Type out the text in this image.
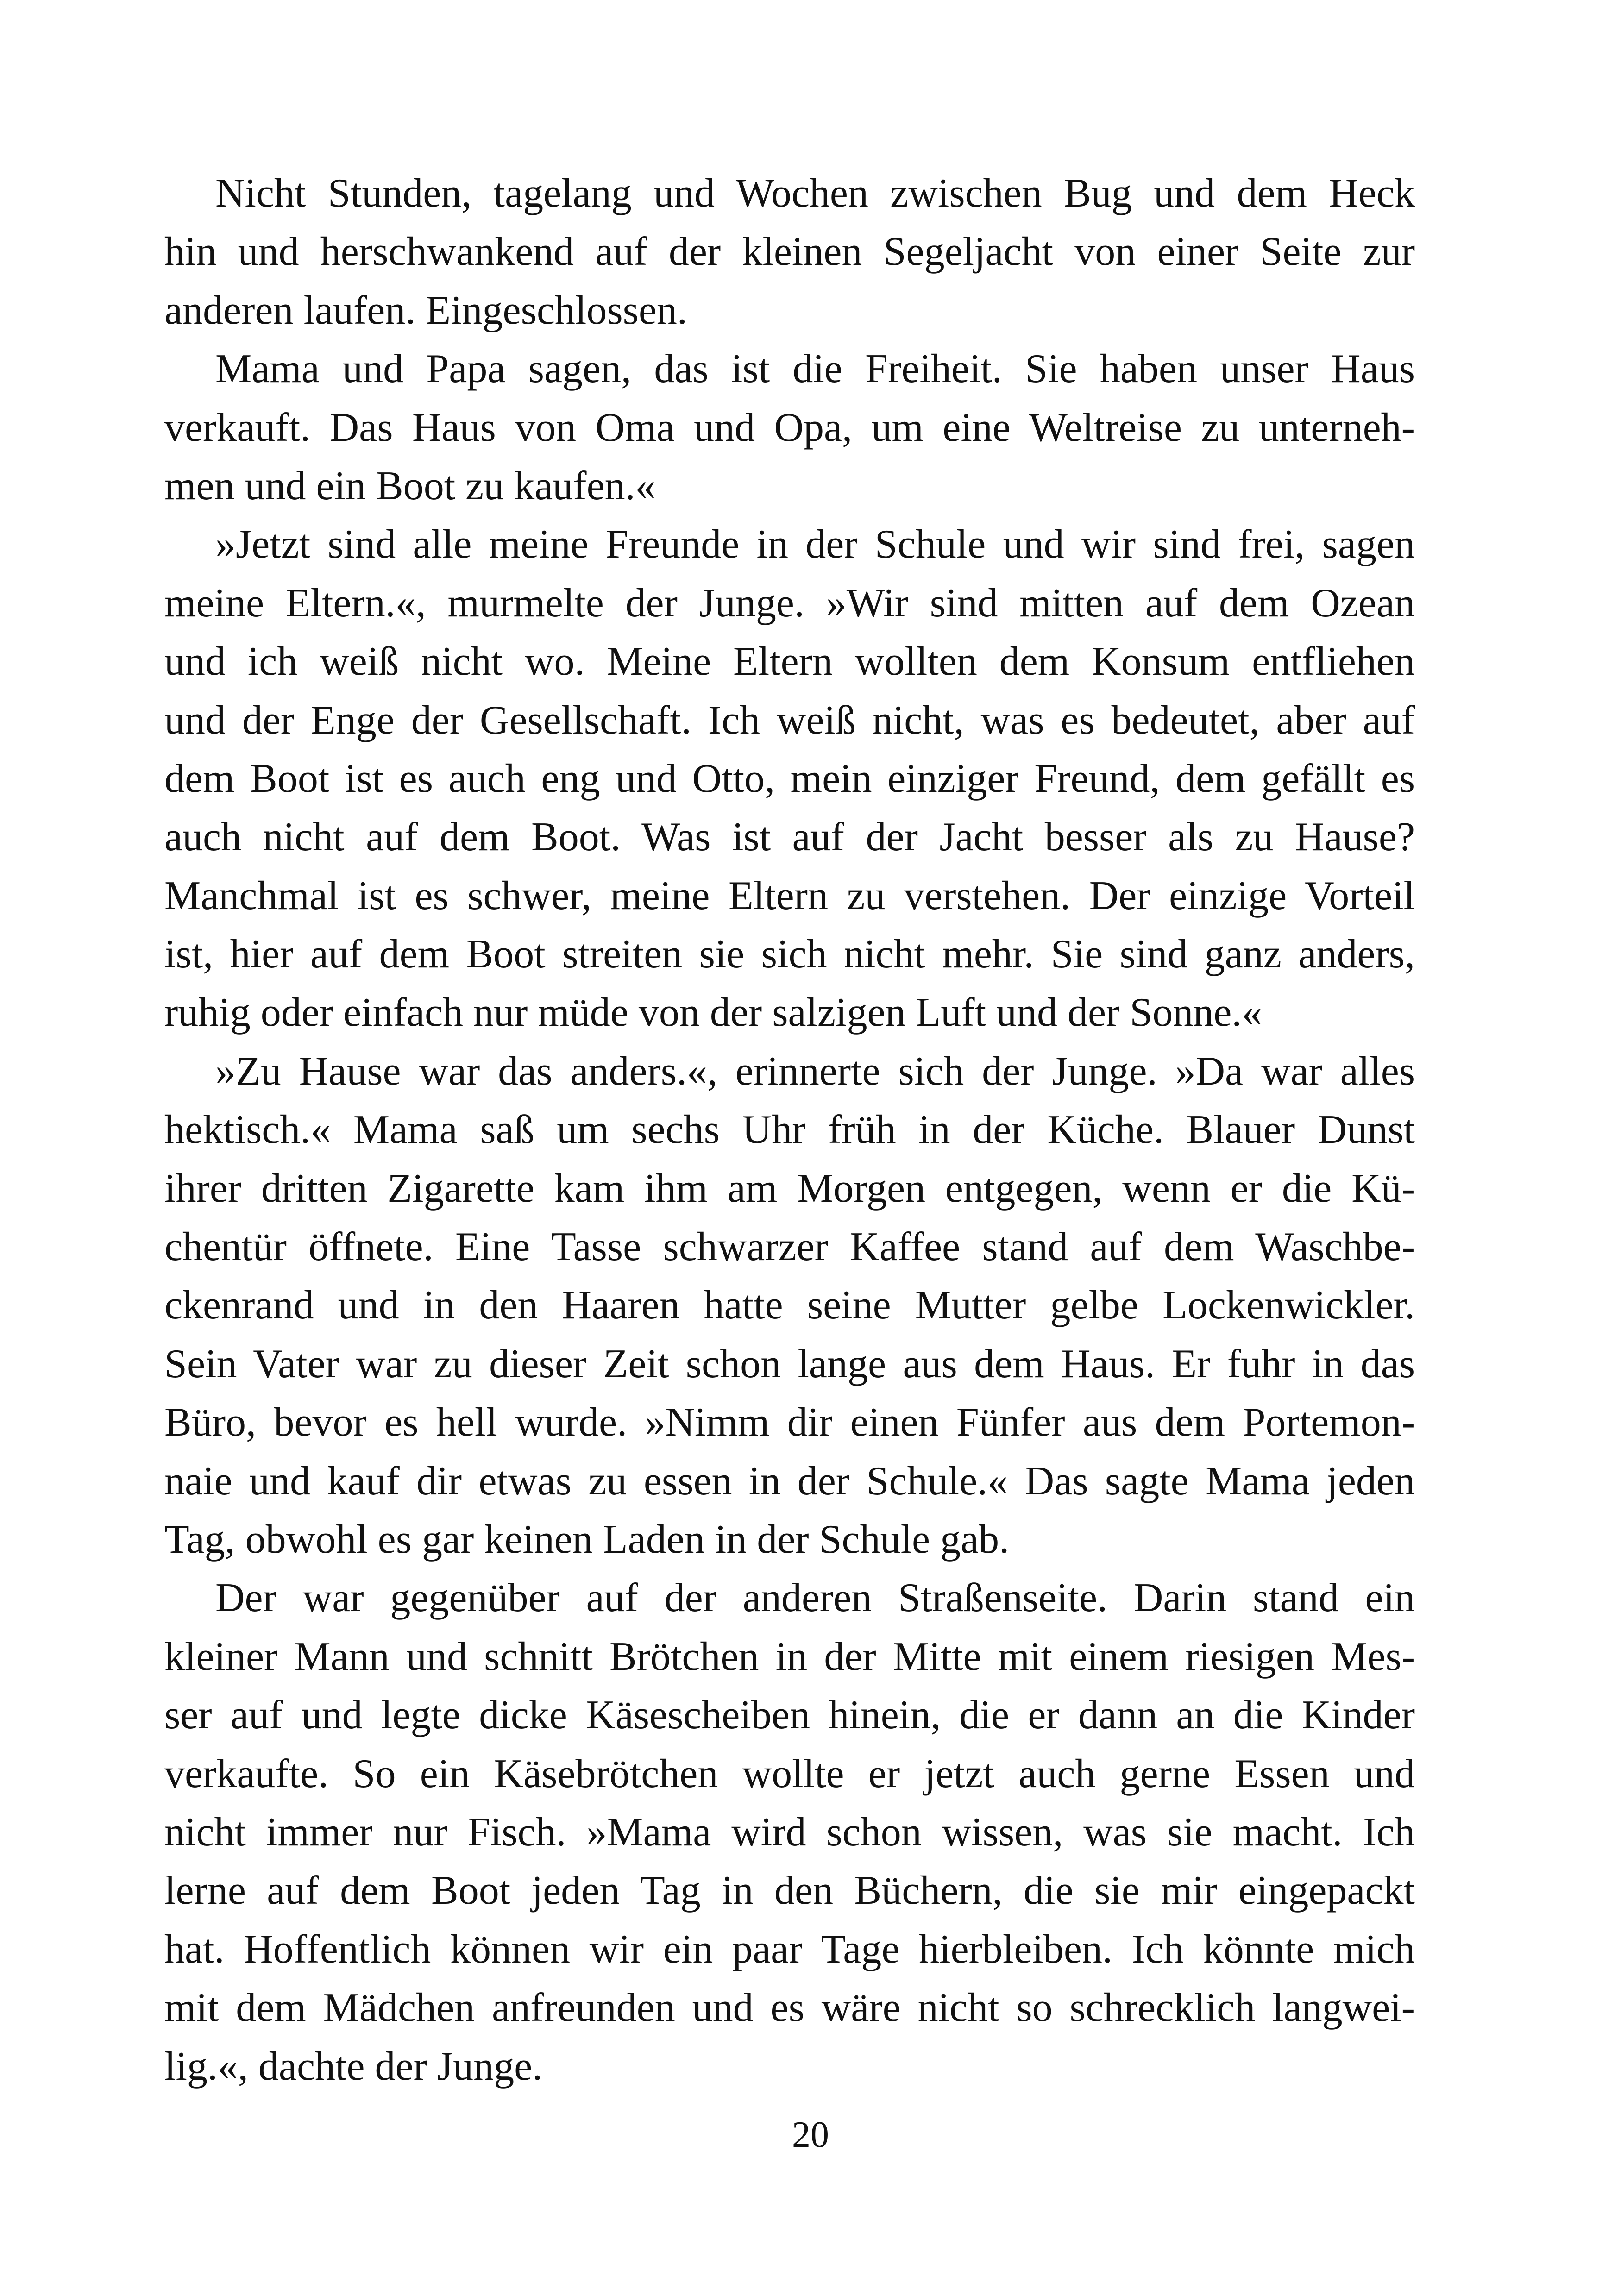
Nicht Stunden, tagelang und Wochen zwischen Bug und dem Heck
hin und herschwankend auf der kleinen Segeljacht von einer Seite zur
anderen laufen. Eingeschlossen.
Mama und Papa sagen, das ist die Freiheit. Sie haben unser Haus
verkauft. Das Haus von Oma und Opa, um eine Weltreise zu unterneh-
men und ein Boot zu kaufen.«
»Jetzt sind alle meine Freunde in der Schule und wir sind frei, sagen
meine Eltern.«, murmelte der Junge. »Wir sind mitten auf dem Ozean
und ich weiß nicht wo. Meine Eltern wollten dem Konsum entfliehen
und der Enge der Gesellschaft. Ich weiß nicht, was es bedeutet, aber auf
dem Boot ist es auch eng und Otto, mein einziger Freund, dem gefällt es
auch nicht auf dem Boot. Was ist auf der Jacht besser als zu Hause?
Manchmal ist es schwer, meine Eltern zu verstehen. Der einzige Vorteil
ist, hier auf dem Boot streiten sie sich nicht mehr. Sie sind ganz anders,
ruhig oder einfach nur müde von der salzigen Luft und der Sonne.«
»Zu Hause war das anders.«, erinnerte sich der Junge. »Da war alles
hektisch.« Mama saß um sechs Uhr früh in der Küche. Blauer Dunst
ihrer dritten Zigarette kam ihm am Morgen entgegen, wenn er die Kü-
chentür öffnete. Eine Tasse schwarzer Kaffee stand auf dem Waschbe-
ckenrand und in den Haaren hatte seine Mutter gelbe Lockenwickler.
Sein Vater war zu dieser Zeit schon lange aus dem Haus. Er fuhr in das
Büro, bevor es hell wurde. »Nimm dir einen Fünfer aus dem Portemon-
naie und kauf dir etwas zu essen in der Schule.« Das sagte Mama jeden
Tag, obwohl es gar keinen Laden in der Schule gab.
Der war gegenüber auf der anderen Straßenseite. Darin stand ein
kleiner Mann und schnitt Brötchen in der Mitte mit einem riesigen Mes-
ser auf und legte dicke Käsescheiben hinein, die er dann an die Kinder
verkaufte. So ein Käsebrötchen wollte er jetzt auch gerne Essen und
nicht immer nur Fisch. »Mama wird schon wissen, was sie macht. Ich
lerne auf dem Boot jeden Tag in den Büchern, die sie mir eingepackt
hat. Hoffentlich können wir ein paar Tage hierbleiben. Ich könnte mich
mit dem Mädchen anfreunden und es wäre nicht so schrecklich langwei-
lig.«, dachte der Junge.
20
